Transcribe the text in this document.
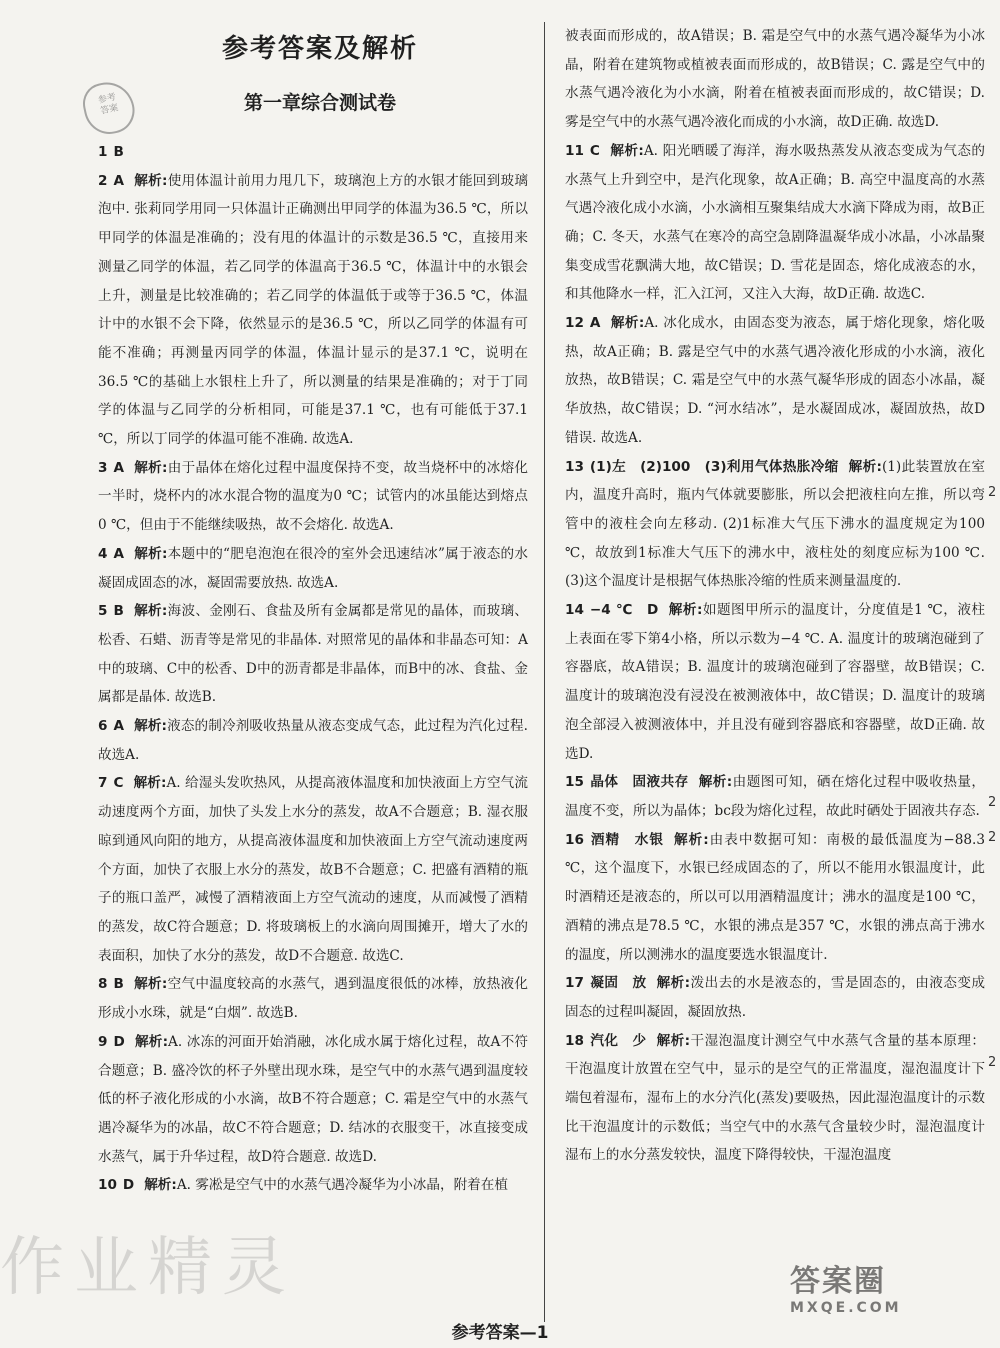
参考
答案
参考答案及解析
第一章综合测试卷

1 B

2 A 解析:使用体温计前用力甩几下，玻璃泡上方的水银才能回到玻璃泡中. 张莉同学用同一只体温计正确测出甲同学的体温为36.5 ℃，所以甲同学的体温是准确的；没有甩的体温计的示数是36.5 ℃，直接用来测量乙同学的体温，若乙同学的体温高于36.5 ℃，体温计中的水银会上升，测量是比较准确的；若乙同学的体温低于或等于36.5 ℃，体温计中的水银不会下降，依然显示的是36.5 ℃，所以乙同学的体温有可能不准确；再测量丙同学的体温，体温计显示的是37.1 ℃，说明在36.5 ℃的基础上水银柱上升了，所以测量的结果是准确的；对于丁同学的体温与乙同学的分析相同，可能是37.1 ℃，也有可能低于37.1 ℃，所以丁同学的体温可能不准确. 故选A.

3 A 解析:由于晶体在熔化过程中温度保持不变，故当烧杯中的冰熔化一半时，烧杯内的冰水混合物的温度为0 ℃；试管内的冰虽能达到熔点0 ℃，但由于不能继续吸热，故不会熔化. 故选A.

4 A 解析:本题中的“肥皂泡泡在很冷的室外会迅速结冰”属于液态的水凝固成固态的冰，凝固需要放热. 故选A.

5 B 解析:海波、金刚石、食盐及所有金属都是常见的晶体，而玻璃、松香、石蜡、沥青等是常见的非晶体. 对照常见的晶体和非晶态可知：A中的玻璃、C中的松香、D中的沥青都是非晶体，而B中的冰、食盐、金属都是晶体. 故选B.

6 A 解析:液态的制冷剂吸收热量从液态变成气态，此过程为汽化过程. 故选A.

7 C 解析:A. 给湿头发吹热风，从提高液体温度和加快液面上方空气流动速度两个方面，加快了头发上水分的蒸发，故A不合题意；B. 湿衣服晾到通风向阳的地方，从提高液体温度和加快液面上方空气流动速度两个方面，加快了衣服上水分的蒸发，故B不合题意；C. 把盛有酒精的瓶子的瓶口盖严，减慢了酒精液面上方空气流动的速度，从而减慢了酒精的蒸发，故C符合题意；D. 将玻璃板上的水滴向周围摊开，增大了水的表面积，加快了水分的蒸发，故D不合题意. 故选C.

8 B 解析:空气中温度较高的水蒸气，遇到温度很低的冰棒，放热液化形成小水珠，就是“白烟”. 故选B.

9 D 解析:A. 冰冻的河面开始消融，冰化成水属于熔化过程，故A不符合题意；B. 盛冷饮的杯子外壁出现水珠，是空气中的水蒸气遇到温度较低的杯子液化形成的小水滴，故B不符合题意；C. 霜是空气中的水蒸气遇冷凝华为的冰晶，故C不符合题意；D. 结冰的衣服变干，冰直接变成水蒸气，属于升华过程，故D符合题意. 故选D.

10 D 解析:A. 雾凇是空气中的水蒸气遇冷凝华为小冰晶，附着在植

被表面而形成的，故A错误；B. 霜是空气中的水蒸气遇冷凝华为小冰晶，附着在建筑物或植被表面而形成的，故B错误；C. 露是空气中的水蒸气遇冷液化为小水滴，附着在植被表面而形成的，故C错误；D. 雾是空气中的水蒸气遇冷液化而成的小水滴，故D正确. 故选D.

11 C 解析:A. 阳光晒暖了海洋，海水吸热蒸发从液态变成为气态的水蒸气上升到空中，是汽化现象，故A正确；B. 高空中温度高的水蒸气遇冷液化成小水滴，小水滴相互聚集结成大水滴下降成为雨，故B正确；C. 冬天，水蒸气在寒冷的高空急剧降温凝华成小冰晶，小冰晶聚集变成雪花飘满大地，故C错误；D. 雪花是固态，熔化成液态的水，和其他降水一样，汇入江河，又注入大海，故D正确. 故选C.

12 A 解析:A. 冰化成水，由固态变为液态，属于熔化现象，熔化吸热，故A正确；B. 露是空气中的水蒸气遇冷液化形成的小水滴，液化放热，故B错误；C. 霜是空气中的水蒸气凝华形成的固态小冰晶，凝华放热，故C错误；D. “河水结冰”，是水凝固成冰，凝固放热，故D错误. 故选A.

13 (1)左　(2)100　(3)利用气体热胀冷缩 解析:(1)此装置放在室内，温度升高时，瓶内气体就要膨胀，所以会把液柱向左推，所以弯管中的液柱会向左移动. (2)1标准大气压下沸水的温度规定为100 ℃，故放到1标准大气压下的沸水中，液柱处的刻度应标为100 ℃. (3)这个温度计是根据气体热胀冷缩的性质来测量温度的.

14 −4 ℃　D 解析:如题图甲所示的温度计，分度值是1 ℃，液柱上表面在零下第4小格，所以示数为−4 ℃. A. 温度计的玻璃泡碰到了容器底，故A错误；B. 温度计的玻璃泡碰到了容器壁，故B错误；C. 温度计的玻璃泡没有浸没在被测液体中，故C错误；D. 温度计的玻璃泡全部浸入被测液体中，并且没有碰到容器底和容器壁，故D正确. 故选D.

15 晶体　固液共存 解析:由题图可知，硒在熔化过程中吸收热量，温度不变，所以为晶体；bc段为熔化过程，故此时硒处于固液共存态.

16 酒精　水银 解析:由表中数据可知：南极的最低温度为−88.3 ℃，这个温度下，水银已经成固态的了，所以不能用水银温度计，此时酒精还是液态的，所以可以用酒精温度计；沸水的温度是100 ℃，酒精的沸点是78.5 ℃，水银的沸点是357 ℃，水银的沸点高于沸水的温度，所以测沸水的温度要选水银温度计.

17 凝固　放 解析:泼出去的水是液态的，雪是固态的，由液态变成固态的过程叫凝固，凝固放热.

18 汽化　少 解析:干湿泡温度计测空气中水蒸气含量的基本原理：干泡温度计放置在空气中，显示的是空气的正常温度，湿泡温度计下端包着湿布，湿布上的水分汽化(蒸发)要吸热，因此湿泡温度计的示数比干泡温度计的示数低；当空气中的水蒸气含量较少时，湿泡温度计湿布上的水分蒸发较快，温度下降得较快，干湿泡温度

2
2
2
2
作业精灵
参考答案—1
答案圈
MXQE.COM
